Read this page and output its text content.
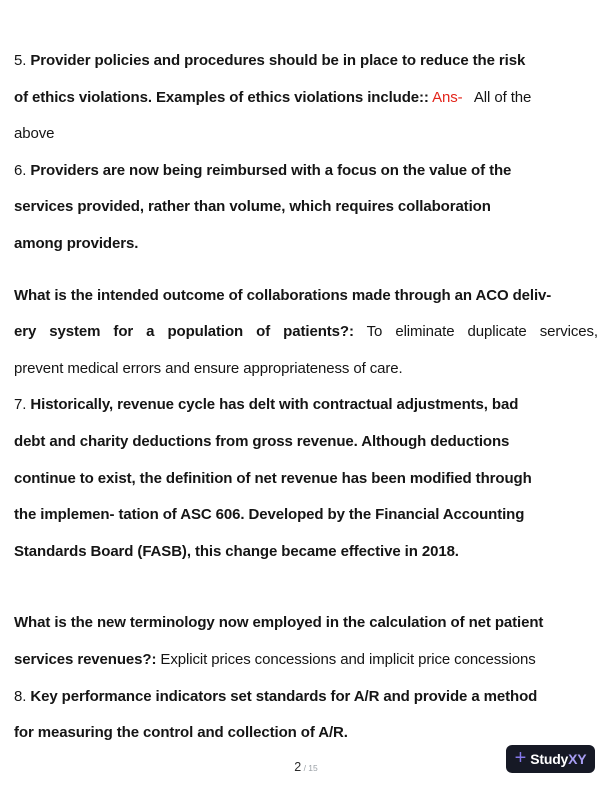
5. Provider policies and procedures should be in place to reduce the risk
of ethics violations. Examples of ethics violations include:: Ans-   All of the
above
6. Providers are now being reimbursed with a focus on the value of the
services provided, rather than volume, which requires collaboration
among providers.
What is the intended outcome of collaborations made through an ACO deliv-
ery system for a population of patients?: To eliminate duplicate services,
prevent medical errors and ensure appropriateness of care.
7. Historically, revenue cycle has delt with contractual adjustments, bad
debt and charity deductions from gross revenue. Although deductions
continue to exist, the definition of net revenue has been modified through
the implemen- tation of ASC 606. Developed by the Financial Accounting
Standards Board (FASB), this change became effective in 2018.
What is the new terminology now employed in the calculation of net patient
services revenues?: Explicit prices concessions and implicit price concessions
8. Key performance indicators set standards for A/R and provide a method
for measuring the control and collection of A/R.
2 / 15	+ Study XY
